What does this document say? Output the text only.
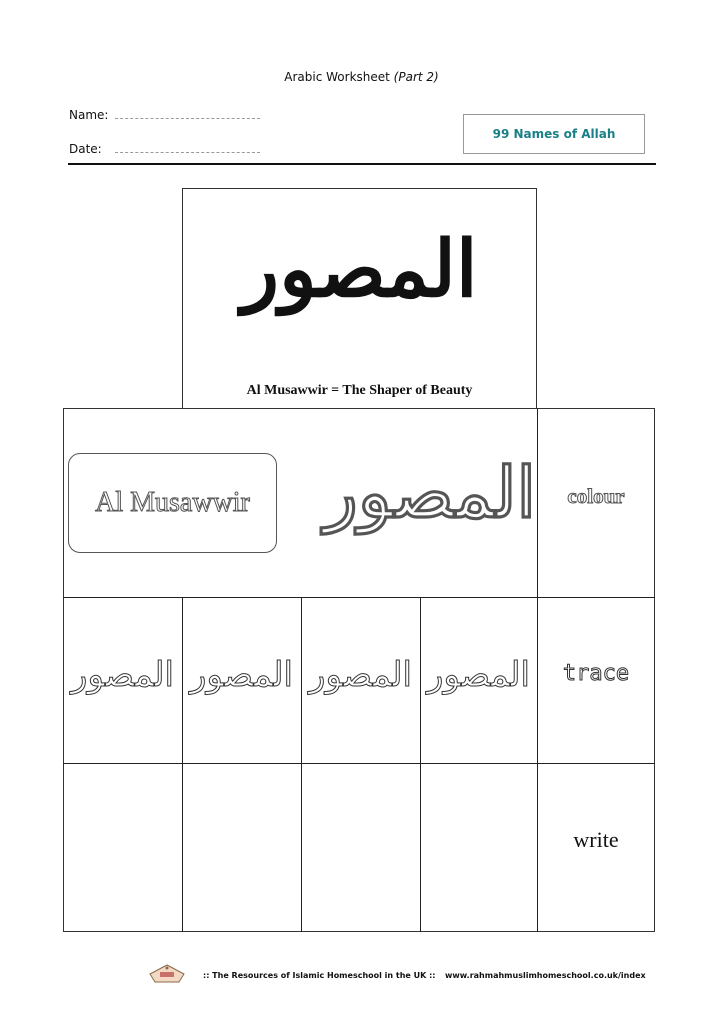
Arabic Worksheet (Part 2)
Name:
Date:
99 Names of Allah
المصور
Al Musawwir = The Shaper of Beauty
Al Musawwir المصور	colour
المصور المصور المصور المصور	trace
write
:: The Resources of Islamic Homeschool in the UK :: www.rahmahmuslimhomeschool.co.uk/index
